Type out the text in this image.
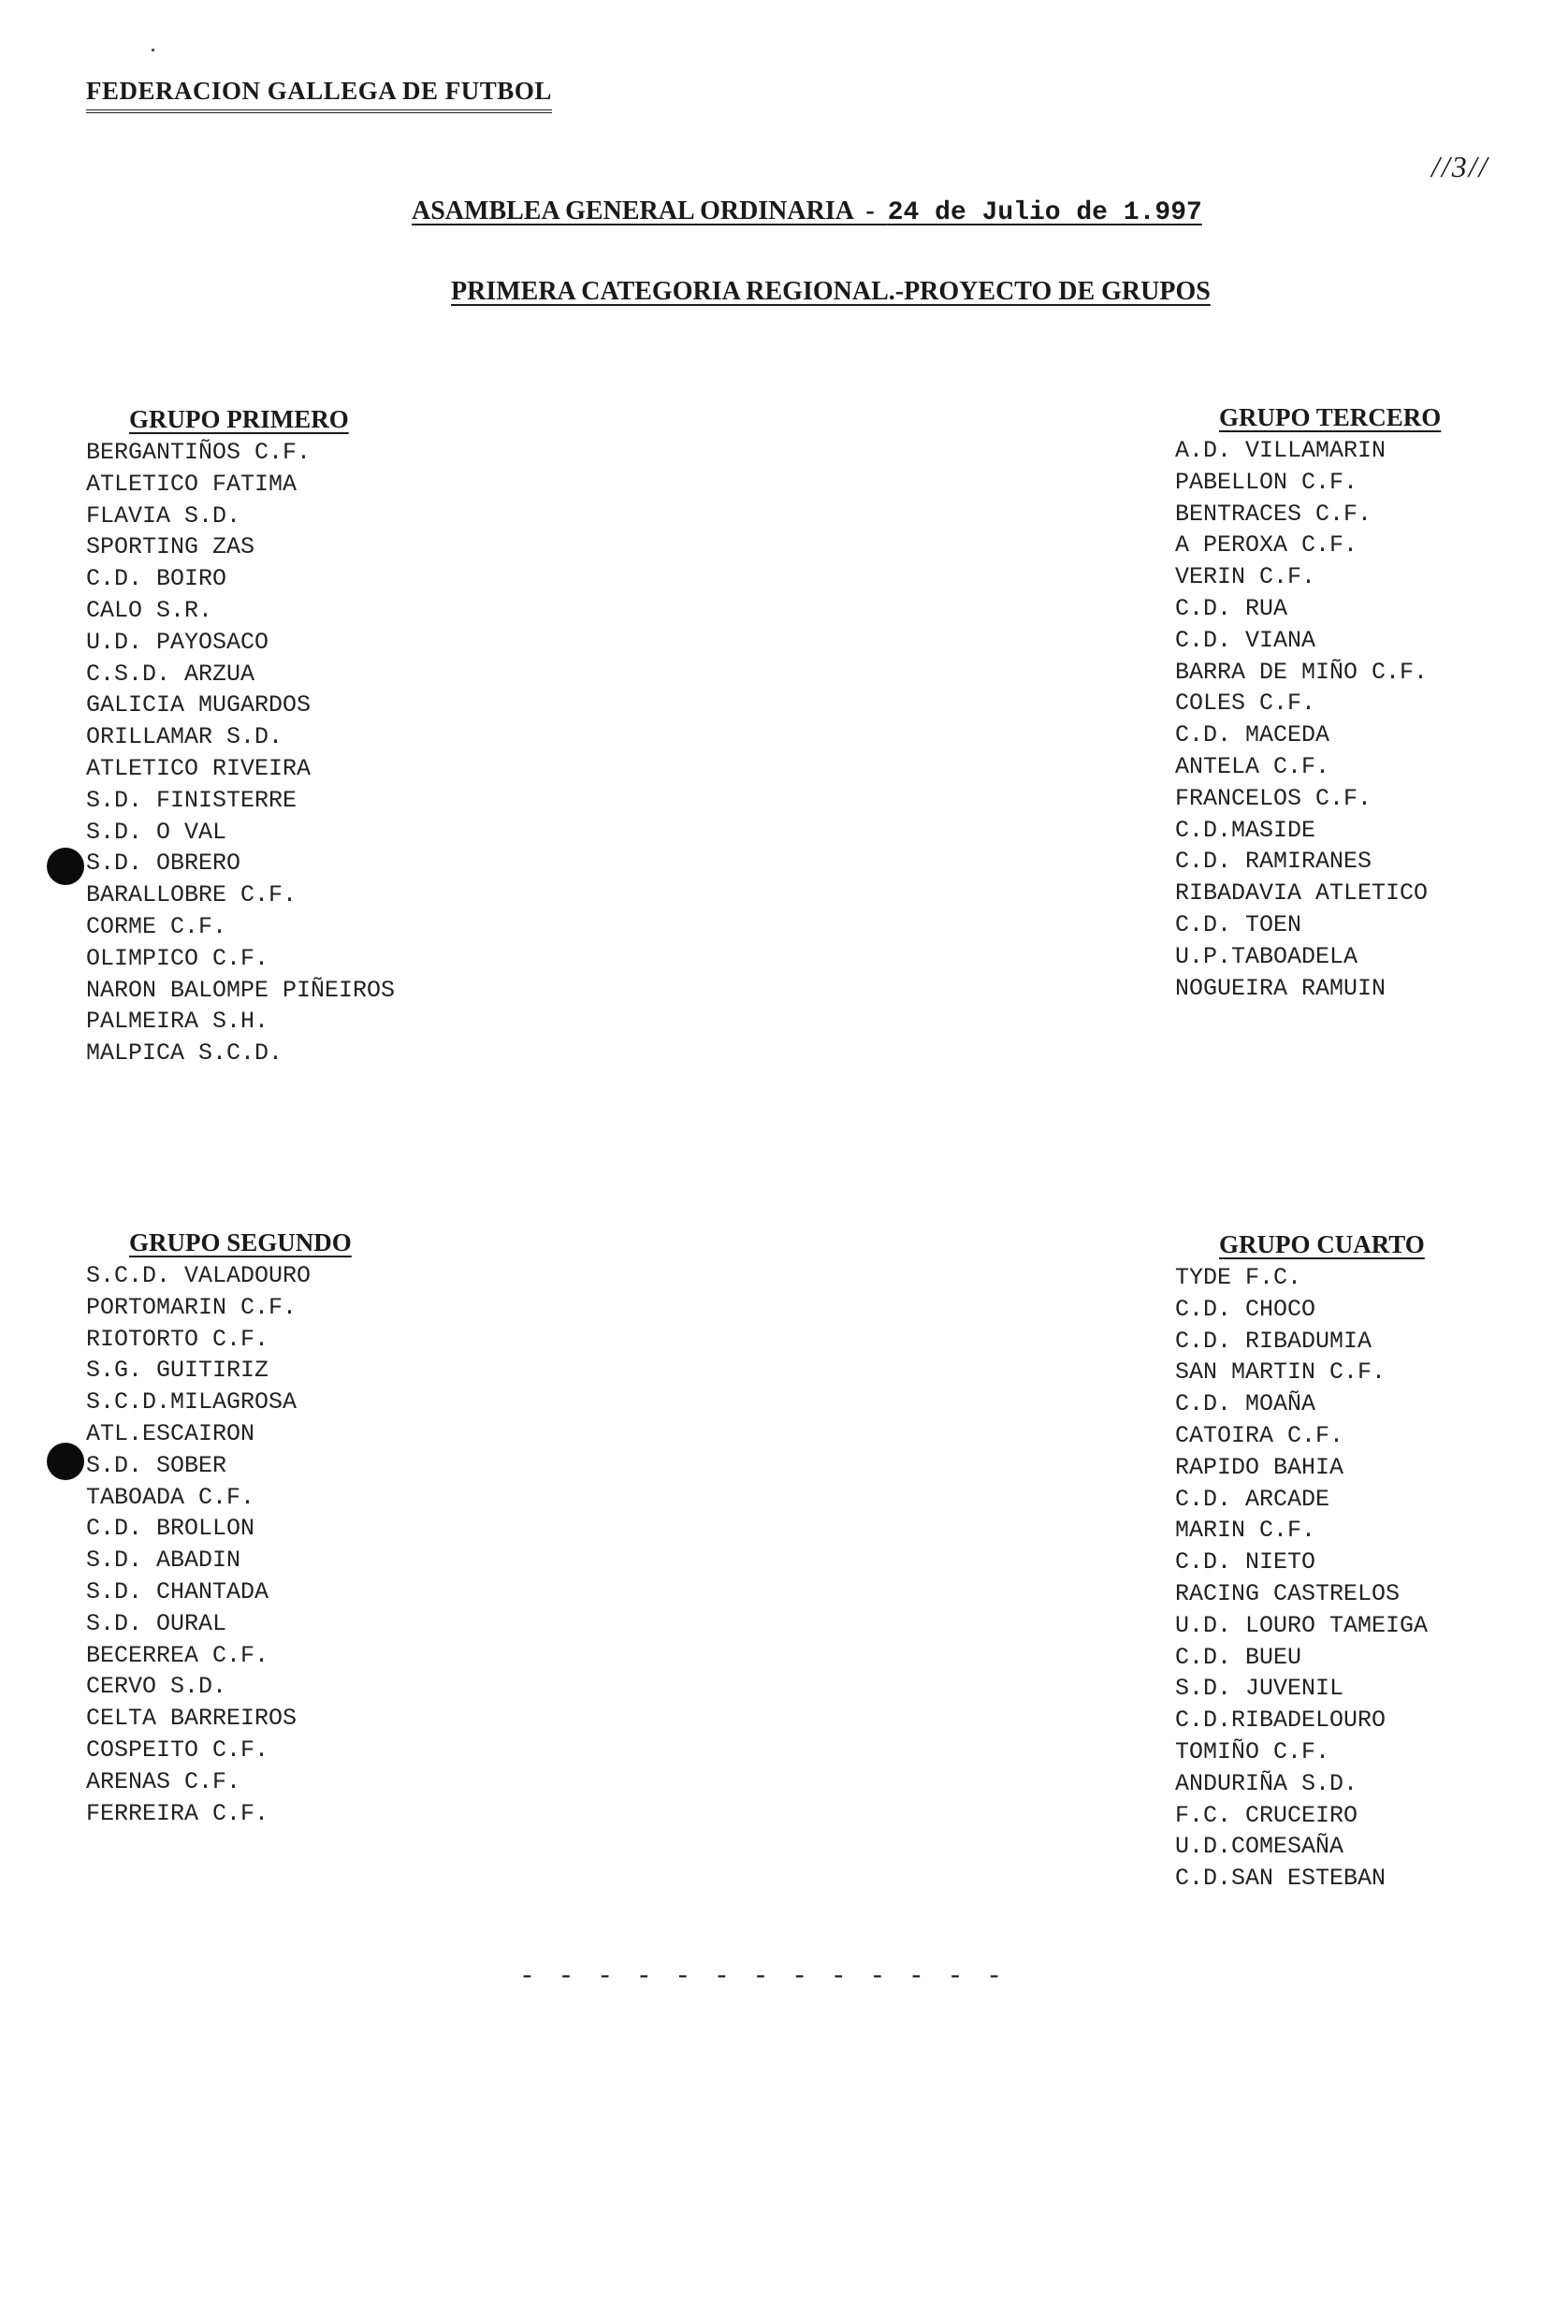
FEDERACION GALLEGA DE FUTBOL
//3//
ASAMBLEA GENERAL ORDINARIA  -  24 de Julio de 1.997
PRIMERA CATEGORIA REGIONAL.-PROYECTO DE GRUPOS
GRUPO PRIMERO
BERGANTIÑOS C.F.
ATLETICO FATIMA
FLAVIA S.D.
SPORTING ZAS
C.D. BOIRO
CALO S.R.
U.D. PAYOSACO
C.S.D. ARZUA
GALICIA MUGARDOS
ORILLAMAR S.D.
ATLETICO RIVEIRA
S.D. FINISTERRE
S.D. O VAL
S.D. OBRERO
BARALLOBRE C.F.
CORME C.F.
OLIMPICO C.F.
NARON BALOMPE PIÑEIROS
PALMEIRA S.H.
MALPICA S.C.D.
GRUPO TERCERO
A.D. VILLAMARIN
PABELLON C.F.
BENTRACES C.F.
A PEROXA C.F.
VERIN C.F.
C.D. RUA
C.D. VIANA
BARRA DE MIÑO C.F.
COLES C.F.
C.D. MACEDA
ANTELA C.F.
FRANCELOS C.F.
C.D.MASIDE
C.D. RAMIRANES
RIBADAVIA ATLETICO
C.D. TOEN
U.P.TABOADELA
NOGUEIRA RAMUIN
GRUPO SEGUNDO
S.C.D. VALADOURO
PORTOMARIN C.F.
RIOTORTO C.F.
S.G. GUITIRIZ
S.C.D.MILAGROSA
ATL.ESCAIRON
S.D. SOBER
TABOADA C.F.
C.D. BROLLON
S.D. ABADIN
S.D. CHANTADA
S.D. OURAL
BECERREA C.F.
CERVO S.D.
CELTA BARREIROS
COSPEITO C.F.
ARENAS C.F.
FERREIRA C.F.
GRUPO CUARTO
TYDE F.C.
C.D. CHOCO
C.D. RIBADUMIA
SAN MARTIN C.F.
C.D. MOAÑA
CATOIRA C.F.
RAPIDO BAHIA
C.D. ARCADE
MARIN C.F.
C.D. NIETO
RACING CASTRELOS
U.D. LOURO TAMEIGA
C.D. BUEU
S.D. JUVENIL
C.D.RIBADELOURO
TOMIÑO C.F.
ANDURIÑA S.D.
F.C. CRUCEIRO
U.D.COMESAÑA
C.D.SAN ESTEBAN
- - - - - - - - - - - - -
